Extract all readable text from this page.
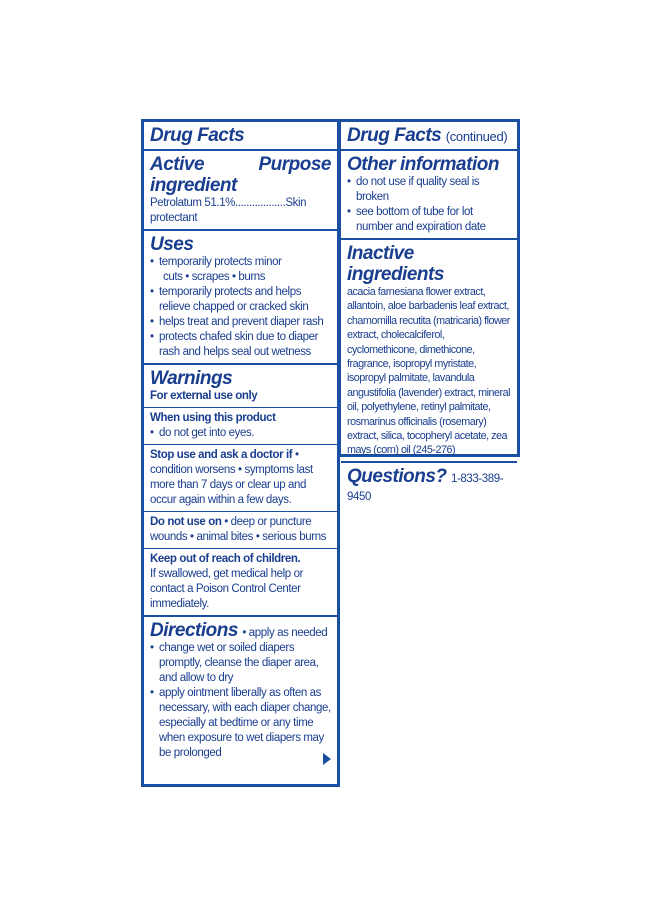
Drug Facts
Active ingredient
Purpose
Petrolatum 51.1%..................Skin protectant
Uses
• temporarily protects minor
cuts • scrapes • burns
• temporarily protects and helps relieve chapped or cracked skin
• helps treat and prevent diaper rash
• protects chafed skin due to diaper rash and helps seal out wetness
Warnings
For external use only
When using this product
• do not get into eyes.
Stop use and ask a doctor if • condition worsens • symptoms last more than 7 days or clear up and occur again within a few days.
Do not use on • deep or puncture wounds • animal bites • serious burns
Keep out of reach of children.
If swallowed, get medical help or contact a Poison Control Center immediately.
Directions • apply as needed
• change wet or soiled diapers promptly, cleanse the diaper area, and allow to dry
• apply ointment liberally as often as necessary, with each diaper change, especially at bedtime or any time when exposure to wet diapers may be prolonged
Drug Facts (continued)
Other information
• do not use if quality seal is broken
• see bottom of tube for lot number and expiration date
Inactive ingredients
acacia farnesiana flower extract, allantoin, aloe barbadenis leaf extract, chamomilla recutita (matricaria) flower extract, cholecalciferol, cyclomethicone, dimethicone, fragrance, isopropyl myristate, isopropyl palmitate, lavandula angustifolia (lavender) extract, mineral oil, polyethylene, retinyl palmitate, rosmarinus officinalis (rosemary) extract, silica, tocopheryl acetate, zea mays (corn) oil (245-276)
Questions? 1-833-389-9450
